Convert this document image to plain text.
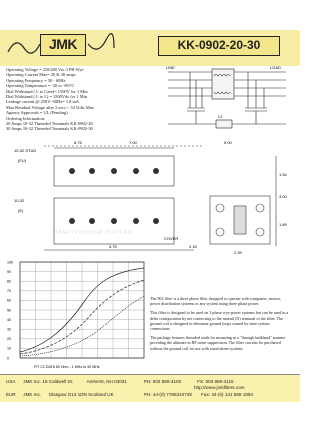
JMK	KK-0902-20-30
Operating Voltage = 250/480 Vac 3 PH Wye
Operating Current Max= 20 & 30 amps
Operating Frequency = 50 - 60Hz
Operating Temperature = -20 to +85°C
Dial Withstand ( L to Case)= 1500V for 1 Min
Dial Withstand ( L to L) = 1500Vdc for 1 Min
Leakage current @ 250V~50Hz= 1.8 mA
Max Residual Voltage after 5 secs < 34 Volts Max
Agency Approvals = UL (Pending)
Ordering Information:
20 Amps 10-32 Threaded Terminals KK-0902-20
30 Amps 10-32 Threaded Terminals KK-0902-30
LINE	LOAD
L2
6.75	7.00	5.00
10-32 STUD
(FU)
10-32
(E)
1.54
3.00
1.89
3.75	2.16
2.39
COVER
ЭЛЕКТРОННЫЙ ПОРТАЛ
100
90
80
70
60
50
40
30
20
10
0
FIT C1 DATA 50 Ohm - 1 MHz to 30 MHz

The 902 filter is a three phase filter designed to operate with computers, motors, power distribution systems or any system using three phase power.

This filter is designed to be used on 3 phase wye power systems but can be used in a delta configuration by not connecting to the neutral (N) terminal of the filter. The ground coil is designed to eliminate ground loops caused by inter-system connections.

The package features threaded studs for mounting in a "through bulkhead" manner providing the ultimate in RF noise suppression. The filter can also be purchased without the ground coil for use with stand alone systems.

USA JMK Inc. 15 Caldwell Dr.	Amherst, NH 03031	PH: 603 886-4100	FX: 603 886-4115
http://www.jmkfilters.com
EUR JMK Inc. Glasgow G13 1DN Scotland UK	PH: 44-(0) 7785310729 Fax: 44-(0) 141 569 1994
